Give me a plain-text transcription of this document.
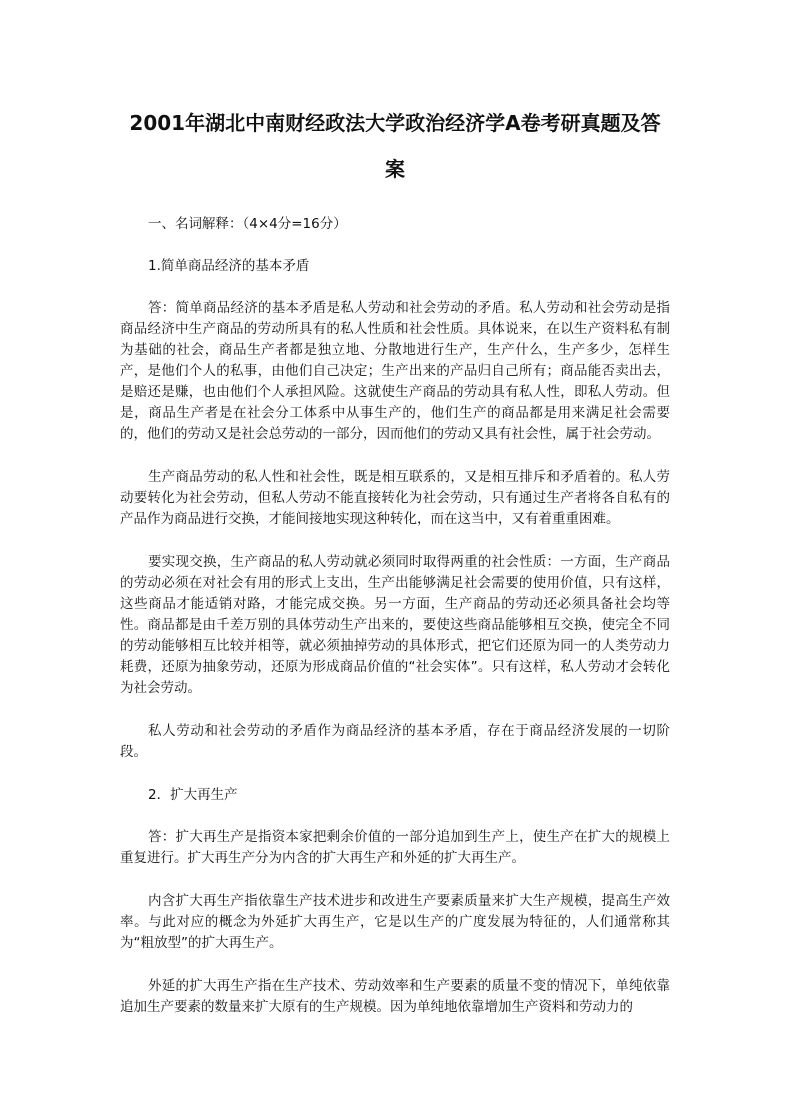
2001年湖北中南财经政法大学政治经济学A卷考研真题及答案

一、名词解释：（4×4分=16分）

1.简单商品经济的基本矛盾

答：简单商品经济的基本矛盾是私人劳动和社会劳动的矛盾。私人劳动和社会劳动是指商品经济中生产商品的劳动所具有的私人性质和社会性质。具体说来，在以生产资料私有制为基础的社会，商品生产者都是独立地、分散地进行生产，生产什么，生产多少，怎样生产，是他们个人的私事，由他们自己决定；生产出来的产品归自己所有；商品能否卖出去，是赔还是赚，也由他们个人承担风险。这就使生产商品的劳动具有私人性，即私人劳动。但是，商品生产者是在社会分工体系中从事生产的，他们生产的商品都是用来满足社会需要的，他们的劳动又是社会总劳动的一部分，因而他们的劳动又具有社会性，属于社会劳动。

生产商品劳动的私人性和社会性，既是相互联系的，又是相互排斥和矛盾着的。私人劳动要转化为社会劳动，但私人劳动不能直接转化为社会劳动，只有通过生产者将各自私有的产品作为商品进行交换，才能间接地实现这种转化，而在这当中，又有着重重困难。

要实现交换，生产商品的私人劳动就必须同时取得两重的社会性质：一方面，生产商品的劳动必须在对社会有用的形式上支出，生产出能够满足社会需要的使用价值，只有这样，这些商品才能适销对路，才能完成交换。另一方面，生产商品的劳动还必须具备社会均等性。商品都是由千差万别的具体劳动生产出来的，要使这些商品能够相互交换，使完全不同的劳动能够相互比较并相等，就必须抽掉劳动的具体形式，把它们还原为同一的人类劳动力耗费，还原为抽象劳动，还原为形成商品价值的“社会实体”。只有这样，私人劳动才会转化为社会劳动。

私人劳动和社会劳动的矛盾作为商品经济的基本矛盾，存在于商品经济发展的一切阶段。

2．扩大再生产

答：扩大再生产是指资本家把剩余价值的一部分追加到生产上，使生产在扩大的规模上重复进行。扩大再生产分为内含的扩大再生产和外延的扩大再生产。

内含扩大再生产指依靠生产技术进步和改进生产要素质量来扩大生产规模，提高生产效率。与此对应的概念为外延扩大再生产，它是以生产的广度发展为特征的，人们通常称其为“粗放型”的扩大再生产。

外延的扩大再生产指在生产技术、劳动效率和生产要素的质量不变的情况下，单纯依靠追加生产要素的数量来扩大原有的生产规模。因为单纯地依靠增加生产资料和劳动力的
